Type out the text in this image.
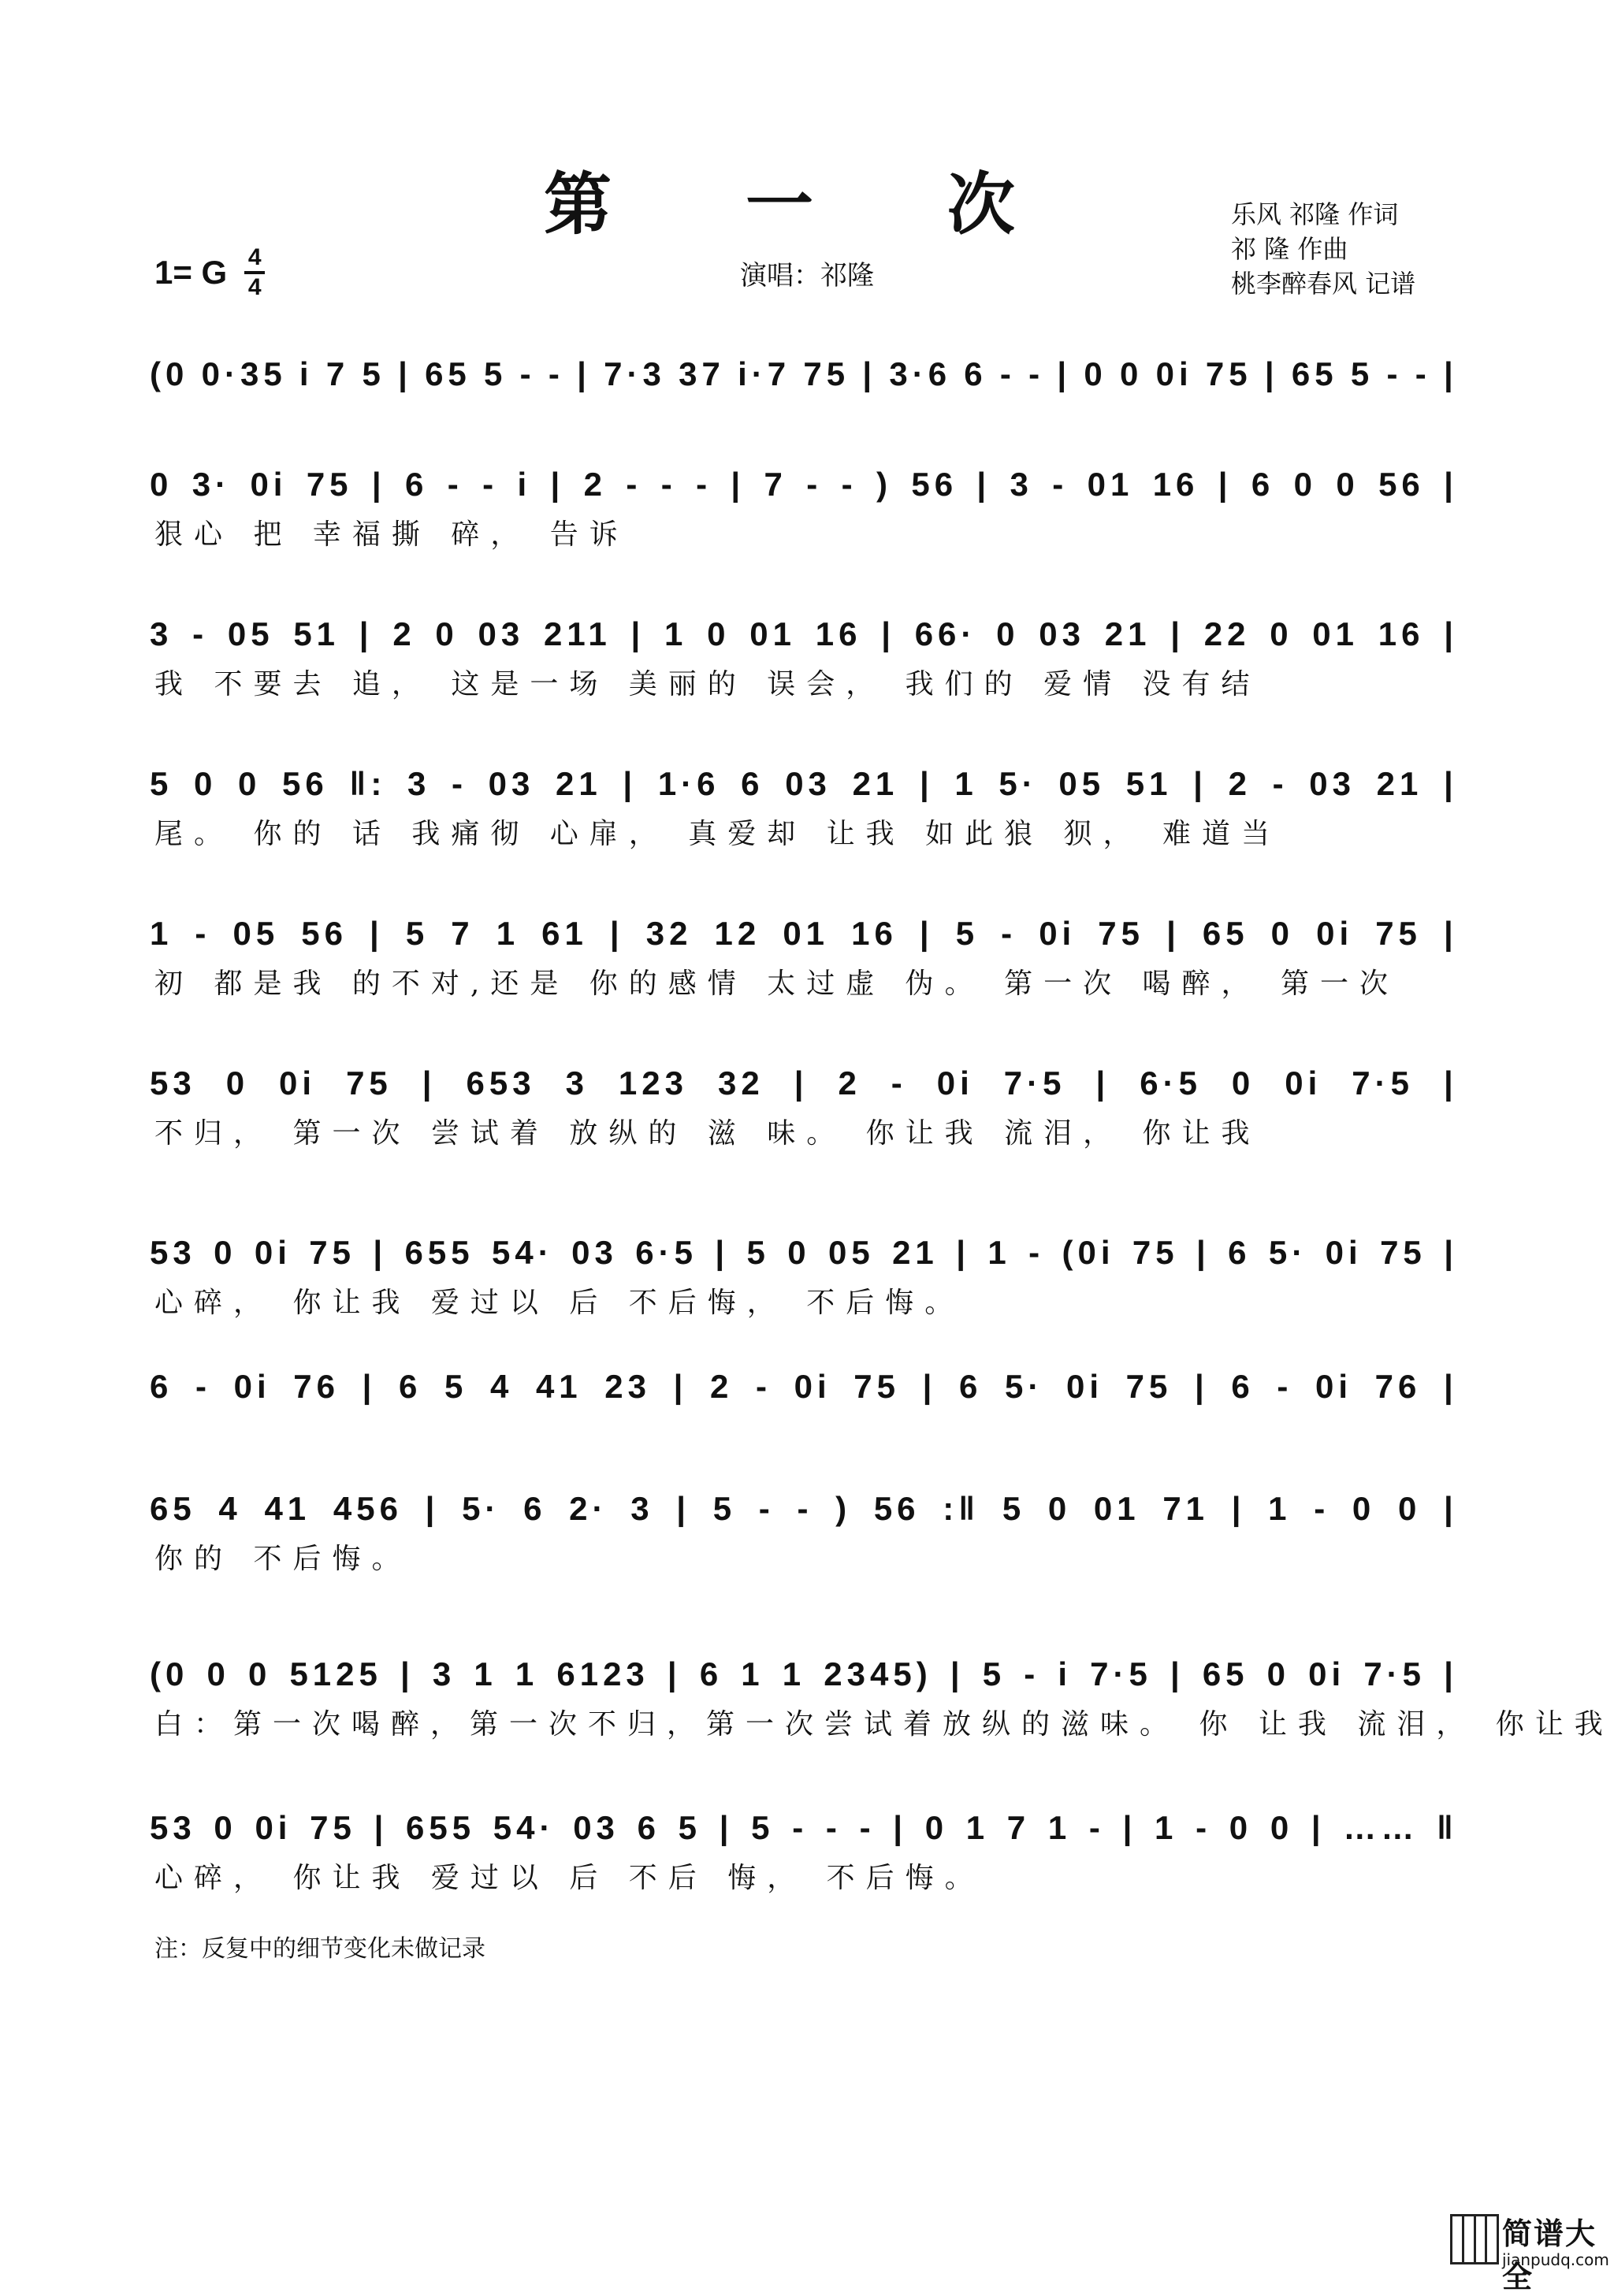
第 一 次
演唱：祁隆
乐风 祁隆 作词
祁 隆 作曲
桃李醉春风 记谱
1= G $\frac{4}{4}$
(0 0·35 i 7 5 | 65 5 - - | 7·3 37 i·7 75 | 3·6 6 - - | 0 0 0i 75 | 65 5 - - |
0 3· 0i 75 | 6 - - i | 2 - - - | 7 - - ) 56 | 3 - 01 16 | 6 0 0 56 |
狠心 把 幸福撕 碎， 告诉
3 - 05 51 | 2 0 03 211 | 1 0 01 16 | 66· 0 03 21 | 22 0 01 16 |
我 不要去 追， 这是一场 美丽的 误会， 我们的 爱情 没有结
5 0 0 56 ‖: 3 - 03 21 | 1·6 6 03 21 | 1 5· 05 51 | 2 - 03 21 |
尾。 你的 话 我痛彻 心扉， 真爱却 让我 如此狼 狈， 难道当
1 - 05 56 | 5 7 1 61 | 32 12 01 16 | 5 - 0i 75 | 65 0 0i 75 |
初 都是我 的不对,还是 你的感情 太过虚 伪。 第一次 喝醉， 第一次
53 0 0i 75 | 653 3 123 32 | 2 - 0i 7·5 | 6·5 0 0i 7·5 |
不归， 第一次 尝试着 放纵的 滋 味。 你让我 流泪， 你让我
53 0 0i 75 | 655 54· 03 6·5 | 5 0 05 21 | 1 - (0i 75 | 6 5· 0i 75 |
心碎， 你让我 爱过以 后 不后悔， 不后悔。
6 - 0i 76 | 6 5 4 41 23 | 2 - 0i 75 | 6 5· 0i 75 | 6 - 0i 76 |
65 4 41 456 | 5· 6 2· 3 | 5 - - ) 56 :‖ 5 0 01 71 | 1 - 0 0 |
你的 不后悔。
(0 0 0 5125 | 3 1 1 6123 | 6 1 1 2345) | 5 - i 7·5 | 65 0 0i 7·5 |
白：第一次喝醉，第一次不归，第一次尝试着放纵的滋味。 你 让我 流泪， 你让我
53 0 0i 75 | 655 54· 03 6 5 | 5 - - - | 0 1 7 1 - | 1 - 0 0 | …… ‖
心碎， 你让我 爱过以 后 不后 悔， 不后悔。
注：反复中的细节变化未做记录
简谱大全
jianpudq.com
